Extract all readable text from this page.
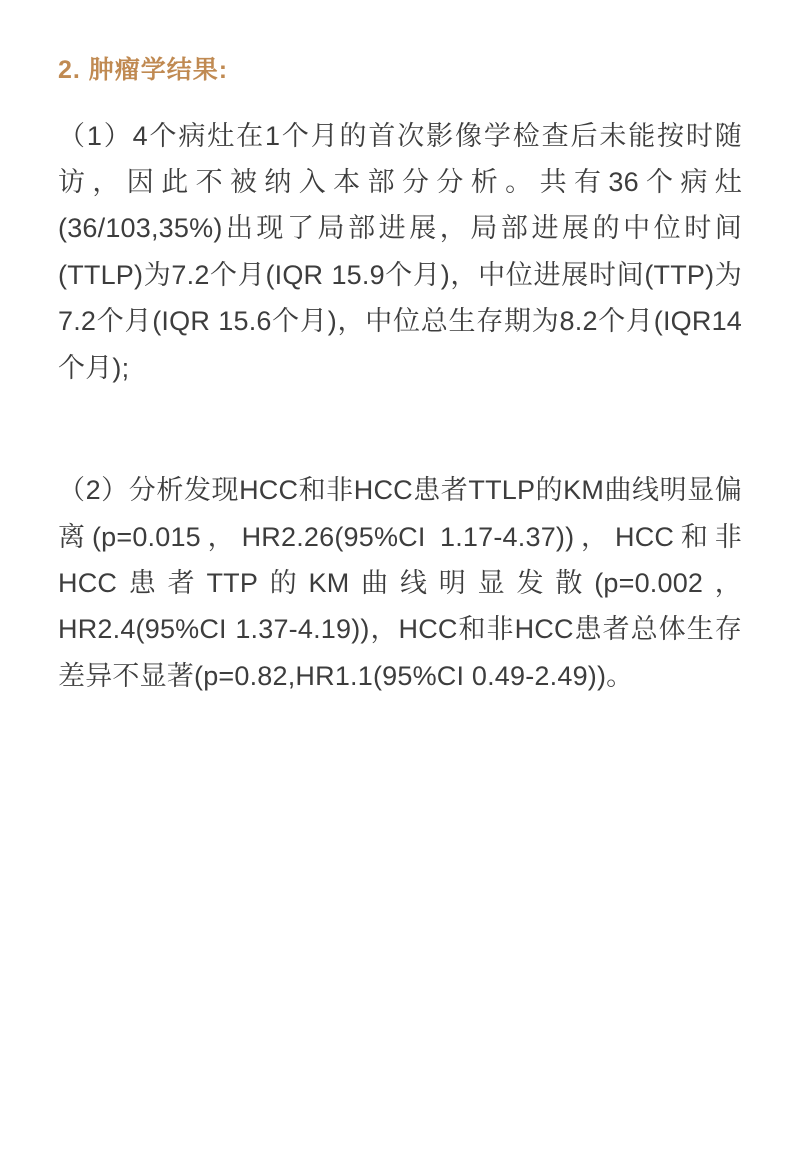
2. 肿瘤学结果:

（1）4个病灶在1个月的首次影像学检查后未能按时随访，因此不被纳入本部分分析。共有36个病灶(36/103,35%)出现了局部进展，局部进展的中位时间(TTLP)为7.2个月(IQR 15.9个月)，中位进展时间(TTP)为7.2个月(IQR 15.6个月)，中位总生存期为8.2个月(IQR14个月);

（2）分析发现HCC和非HCC患者TTLP的KM曲线明显偏离(p=0.015，HR2.26(95%CI 1.17-4.37))，HCC和非HCC患者TTP的KM曲线明显发散(p=0.002，HR2.4(95%CI 1.37-4.19))，HCC和非HCC患者总体生存差异不显著(p=0.82,HR1.1(95%CI 0.49-2.49))。
